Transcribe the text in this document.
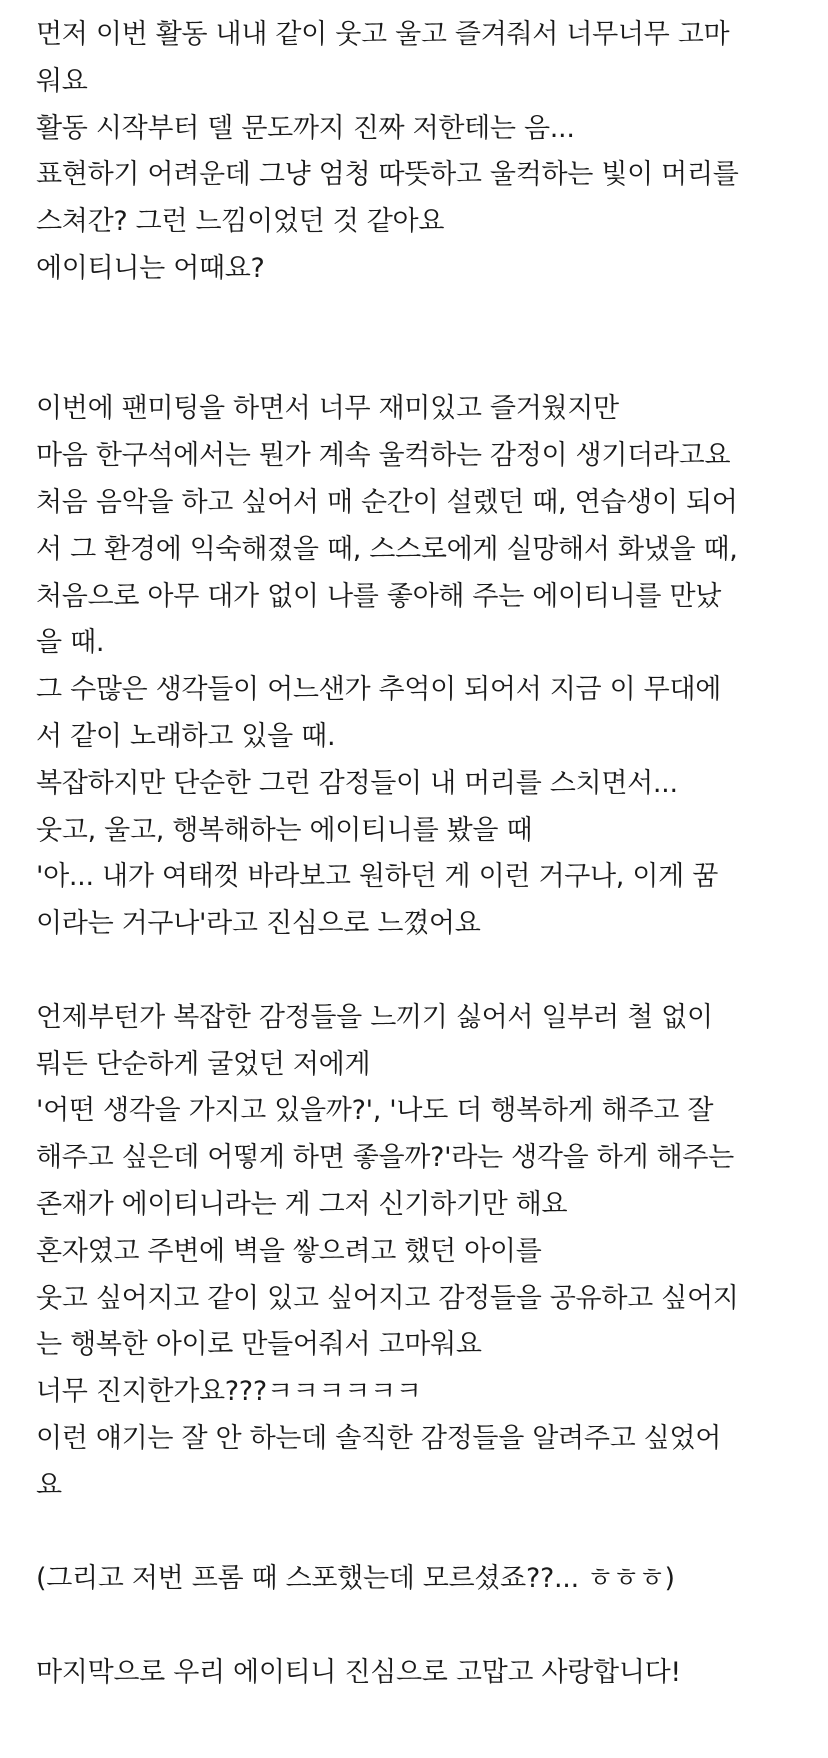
먼저 이번 활동 내내 같이 웃고 울고 즐겨줘서 너무너무 고마
워요
활동 시작부터 델 문도까지 진짜 저한테는 음...
표현하기 어려운데 그냥 엄청 따뜻하고 울컥하는 빛이 머리를
스쳐간? 그런 느낌이었던 것 같아요
에이티니는 어때요?
이번에 팬미팅을 하면서 너무 재미있고 즐거웠지만
마음 한구석에서는 뭔가 계속 울컥하는 감정이 생기더라고요
처음 음악을 하고 싶어서 매 순간이 설렜던 때, 연습생이 되어
서 그 환경에 익숙해졌을 때, 스스로에게 실망해서 화냈을 때,
처음으로 아무 대가 없이 나를 좋아해 주는 에이티니를 만났
을 때.
그 수많은 생각들이 어느샌가 추억이 되어서 지금 이 무대에
서 같이 노래하고 있을 때.
복잡하지만 단순한 그런 감정들이 내 머리를 스치면서...
웃고, 울고, 행복해하는 에이티니를 봤을 때
'아... 내가 여태껏 바라보고 원하던 게 이런 거구나, 이게 꿈
이라는 거구나'라고 진심으로 느꼈어요
언제부턴가 복잡한 감정들을 느끼기 싫어서 일부러 철 없이
뭐든 단순하게 굴었던 저에게
'어떤 생각을 가지고 있을까?', '나도 더 행복하게 해주고 잘
해주고 싶은데 어떻게 하면 좋을까?'라는 생각을 하게 해주는
존재가 에이티니라는 게 그저 신기하기만 해요
혼자였고 주변에 벽을 쌓으려고 했던 아이를
웃고 싶어지고 같이 있고 싶어지고 감정들을 공유하고 싶어지
는 행복한 아이로 만들어줘서 고마워요
너무 진지한가요???ㅋㅋㅋㅋㅋㅋ
이런 얘기는 잘 안 하는데 솔직한 감정들을 알려주고 싶었어
요
(그리고 저번 프롬 때 스포했는데 모르셨죠??... ㅎㅎㅎ)
마지막으로 우리 에이티니 진심으로 고맙고 사랑합니다!
